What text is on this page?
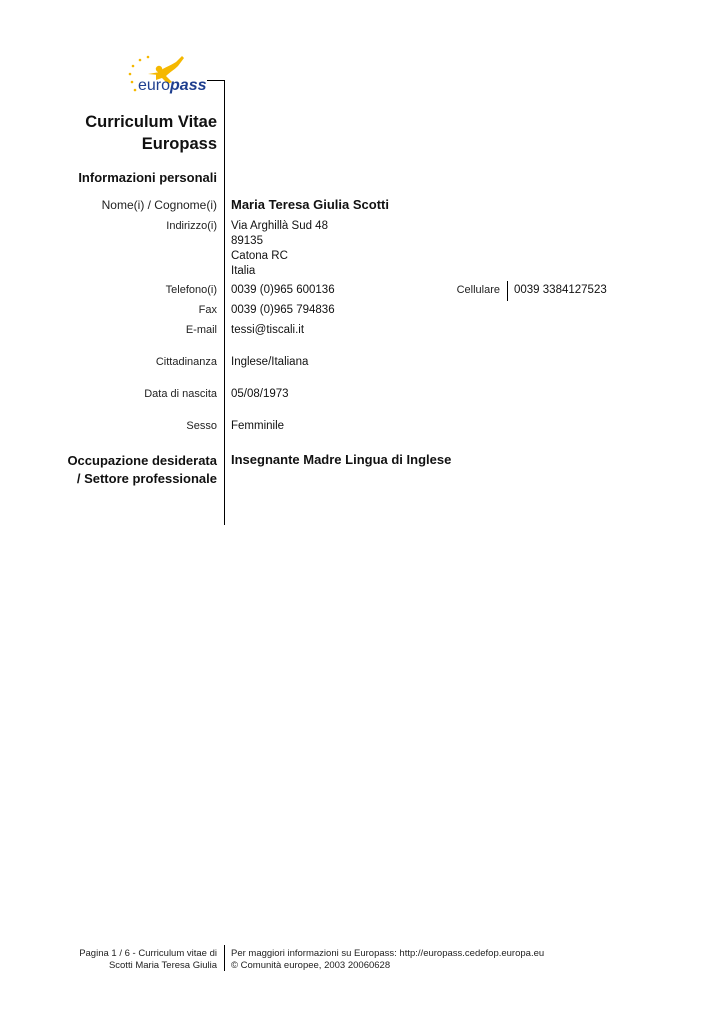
europass
Curriculum Vitae
Europass
Informazioni personali
Nome(i) / Cognome(i) Maria Teresa Giulia Scotti
Indirizzo(i) Via Arghillà Sud 48
89135
Catona RC
Italia
Telefono(i) 0039 (0)965 600136	Cellulare 0039 3384127523
Fax 0039 (0)965 794836
E-mail tessi@tiscali.it
Cittadinanza Inglese/Italiana
Data di nascita 05/08/1973
Sesso Femminile
Occupazione desiderata
/ Settore professionale
Insegnante Madre Lingua di Inglese
Pagina 1 / 6 - Curriculum vitae di
Scotti Maria Teresa Giulia
Per maggiori informazioni su Europass: http://europass.cedefop.europa.eu
© Comunità europee, 2003 20060628
